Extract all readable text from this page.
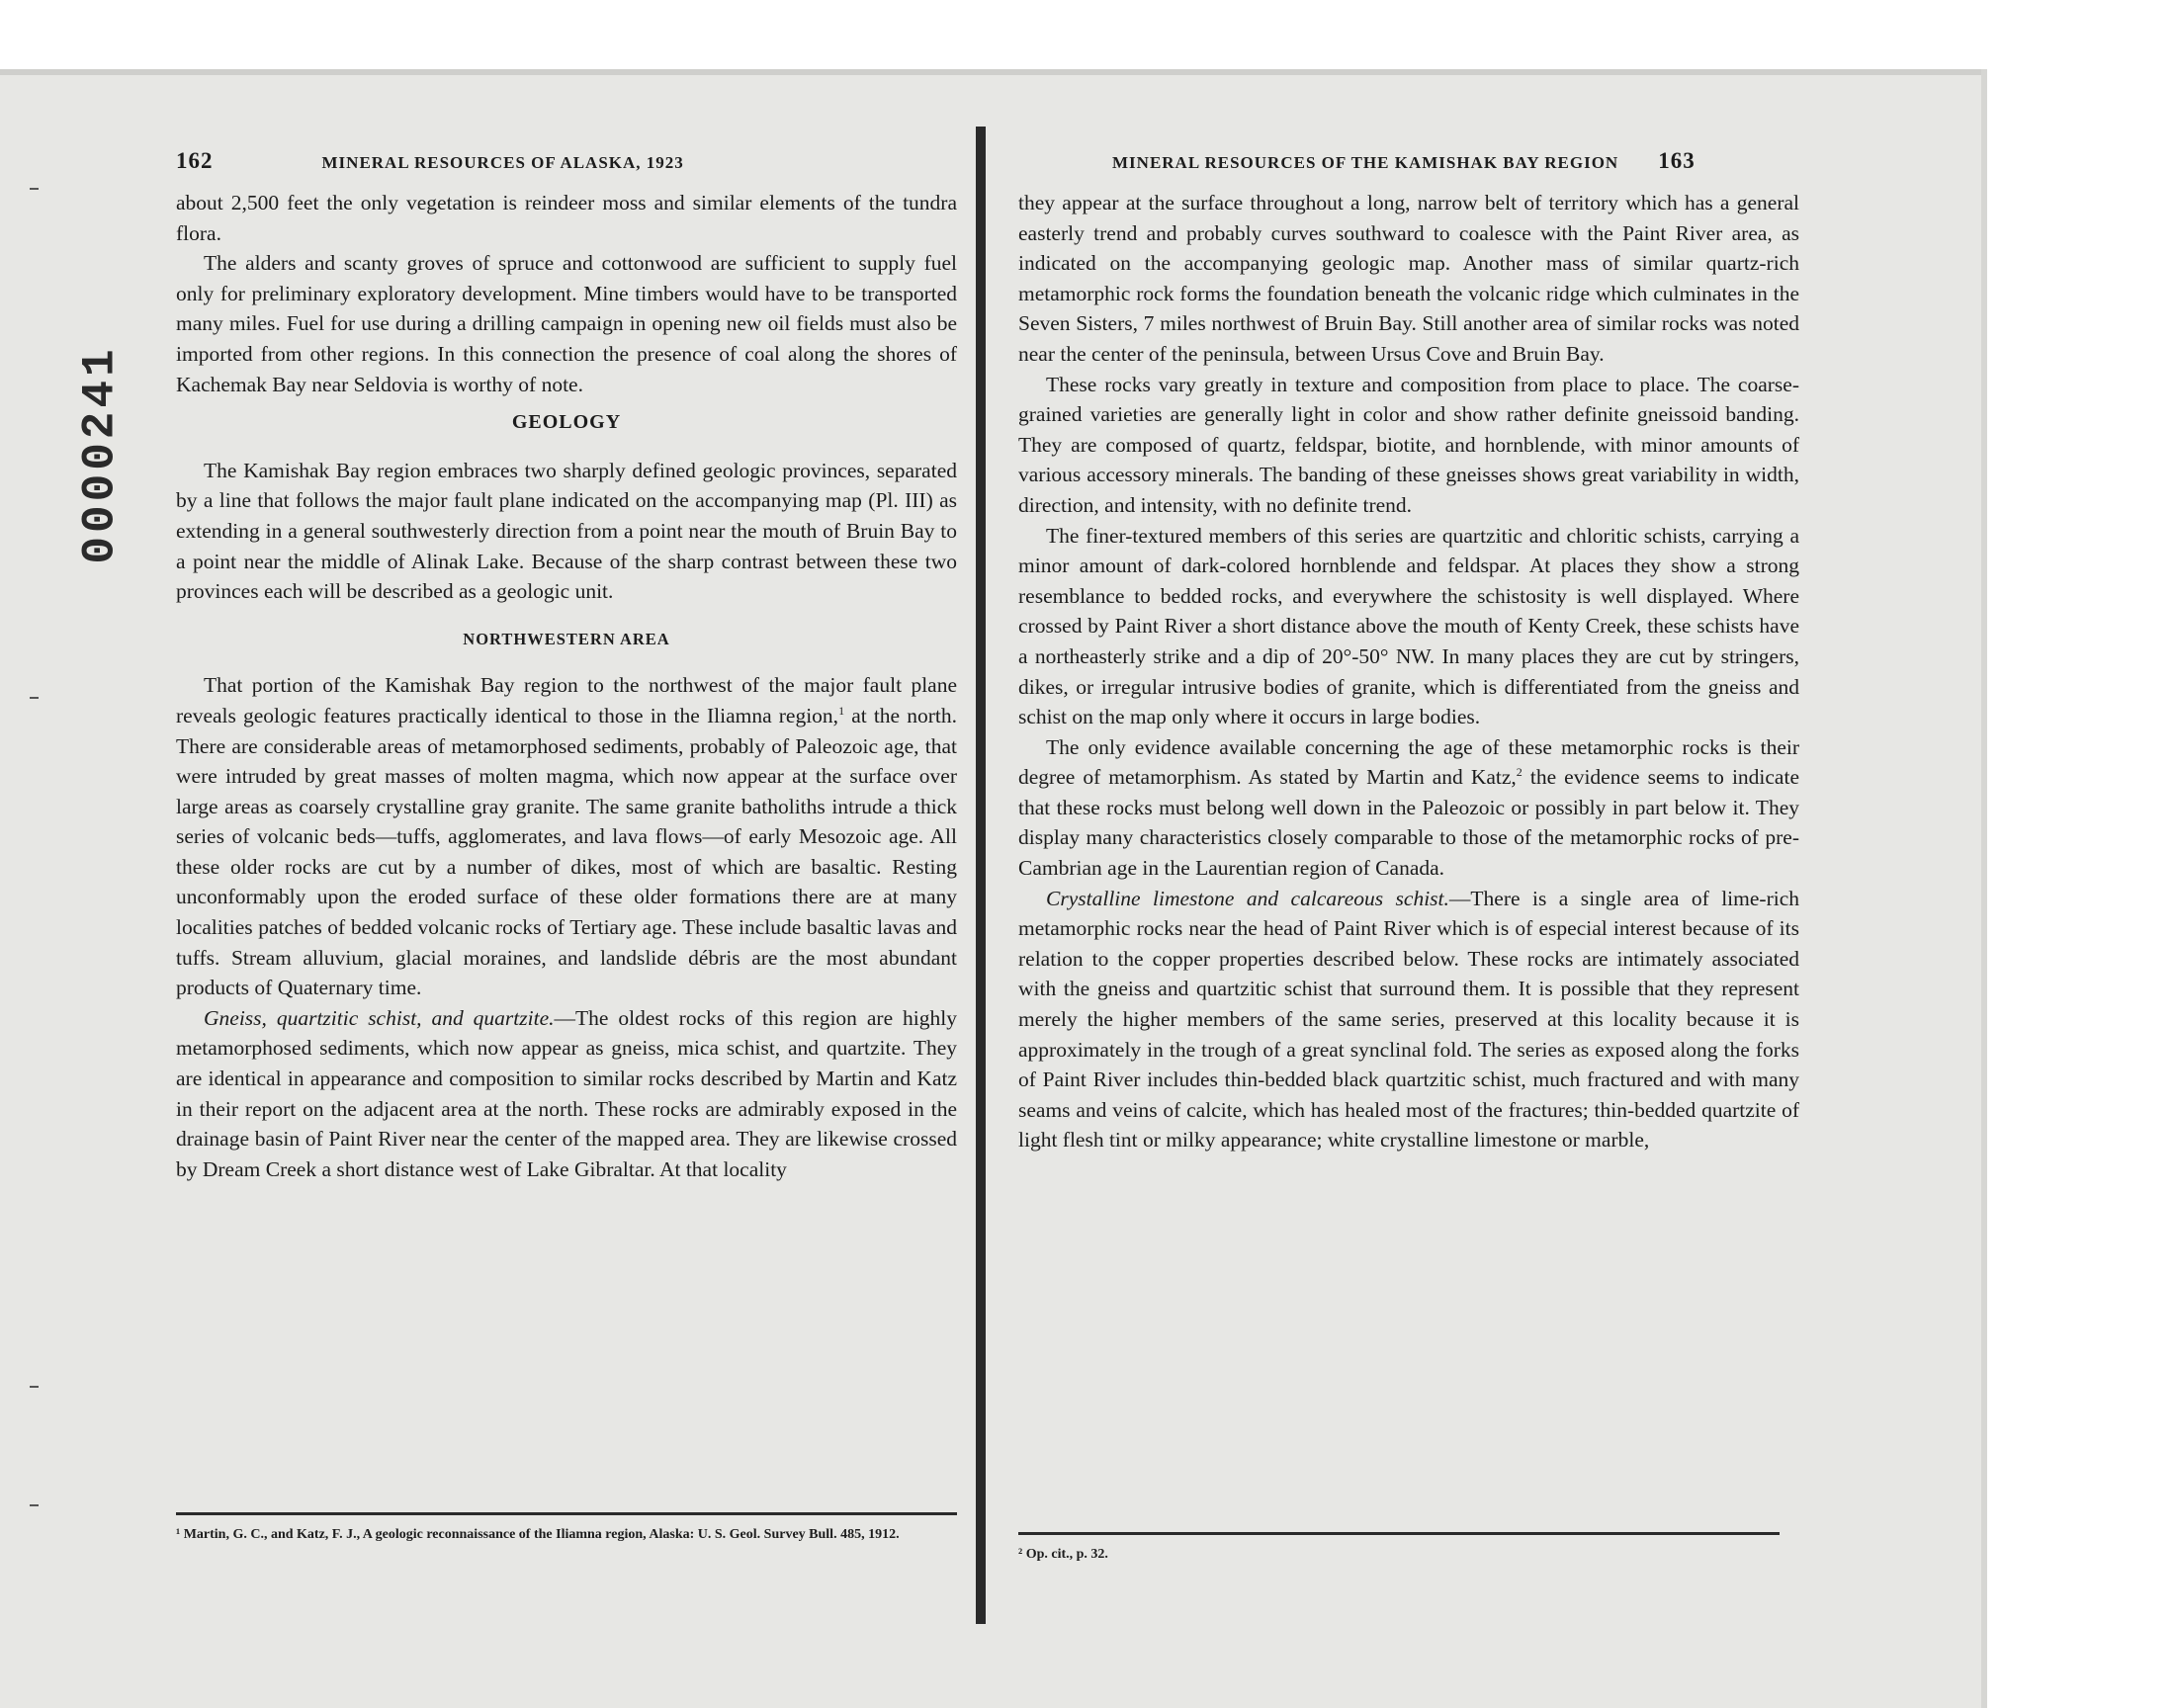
0000241
162	MINERAL RESOURCES OF ALASKA, 1923

about 2,500 feet the only vegetation is reindeer moss and similar elements of the tundra flora.

The alders and scanty groves of spruce and cottonwood are sufficient to supply fuel only for preliminary exploratory development. Mine timbers would have to be transported many miles. Fuel for use during a drilling campaign in opening new oil fields must also be imported from other regions. In this connection the presence of coal along the shores of Kachemak Bay near Seldovia is worthy of note.

GEOLOGY

The Kamishak Bay region embraces two sharply defined geologic provinces, separated by a line that follows the major fault plane indicated on the accompanying map (Pl. III) as extending in a general southwesterly direction from a point near the mouth of Bruin Bay to a point near the middle of Alinak Lake. Because of the sharp contrast between these two provinces each will be described as a geologic unit.

NORTHWESTERN AREA

That portion of the Kamishak Bay region to the northwest of the major fault plane reveals geologic features practically identical to those in the Iliamna region,$^1$ at the north. There are considerable areas of metamorphosed sediments, probably of Paleozoic age, that were intruded by great masses of molten magma, which now appear at the surface over large areas as coarsely crystalline gray granite. The same granite batholiths intrude a thick series of volcanic beds—tuffs, agglomerates, and lava flows—of early Mesozoic age. All these older rocks are cut by a number of dikes, most of which are basaltic. Resting unconformably upon the eroded surface of these older formations there are at many localities patches of bedded volcanic rocks of Tertiary age. These include basaltic lavas and tuffs. Stream alluvium, glacial moraines, and landslide débris are the most abundant products of Quaternary time.

Gneiss, quartzitic schist, and quartzite.—The oldest rocks of this region are highly metamorphosed sediments, which now appear as gneiss, mica schist, and quartzite. They are identical in appearance and composition to similar rocks described by Martin and Katz in their report on the adjacent area at the north. These rocks are admirably exposed in the drainage basin of Paint River near the center of the mapped area. They are likewise crossed by Dream Creek a short distance west of Lake Gibraltar. At that locality

¹ Martin, G. C., and Katz, F. J., A geologic reconnaissance of the Iliamna region, Alaska: U. S. Geol. Survey Bull. 485, 1912.
MINERAL RESOURCES OF THE KAMISHAK BAY REGION 163

they appear at the surface throughout a long, narrow belt of territory which has a general easterly trend and probably curves southward to coalesce with the Paint River area, as indicated on the accompanying geologic map. Another mass of similar quartz-rich metamorphic rock forms the foundation beneath the volcanic ridge which culminates in the Seven Sisters, 7 miles northwest of Bruin Bay. Still another area of similar rocks was noted near the center of the peninsula, between Ursus Cove and Bruin Bay.

These rocks vary greatly in texture and composition from place to place. The coarse-grained varieties are generally light in color and show rather definite gneissoid banding. They are composed of quartz, feldspar, biotite, and hornblende, with minor amounts of various accessory minerals. The banding of these gneisses shows great variability in width, direction, and intensity, with no definite trend.

The finer-textured members of this series are quartzitic and chloritic schists, carrying a minor amount of dark-colored hornblende and feldspar. At places they show a strong resemblance to bedded rocks, and everywhere the schistosity is well displayed. Where crossed by Paint River a short distance above the mouth of Kenty Creek, these schists have a northeasterly strike and a dip of 20°-50° NW. In many places they are cut by stringers, dikes, or irregular intrusive bodies of granite, which is differentiated from the gneiss and schist on the map only where it occurs in large bodies.

The only evidence available concerning the age of these metamorphic rocks is their degree of metamorphism. As stated by Martin and Katz,$^2$ the evidence seems to indicate that these rocks must belong well down in the Paleozoic or possibly in part below it. They display many characteristics closely comparable to those of the metamorphic rocks of pre-Cambrian age in the Laurentian region of Canada.

Crystalline limestone and calcareous schist.—There is a single area of lime-rich metamorphic rocks near the head of Paint River which is of especial interest because of its relation to the copper properties described below. These rocks are intimately associated with the gneiss and quartzitic schist that surround them. It is possible that they represent merely the higher members of the same series, preserved at this locality because it is approximately in the trough of a great synclinal fold. The series as exposed along the forks of Paint River includes thin-bedded black quartzitic schist, much fractured and with many seams and veins of calcite, which has healed most of the fractures; thin-bedded quartzite of light flesh tint or milky appearance; white crystalline limestone or marble,

² Op. cit., p. 32.
